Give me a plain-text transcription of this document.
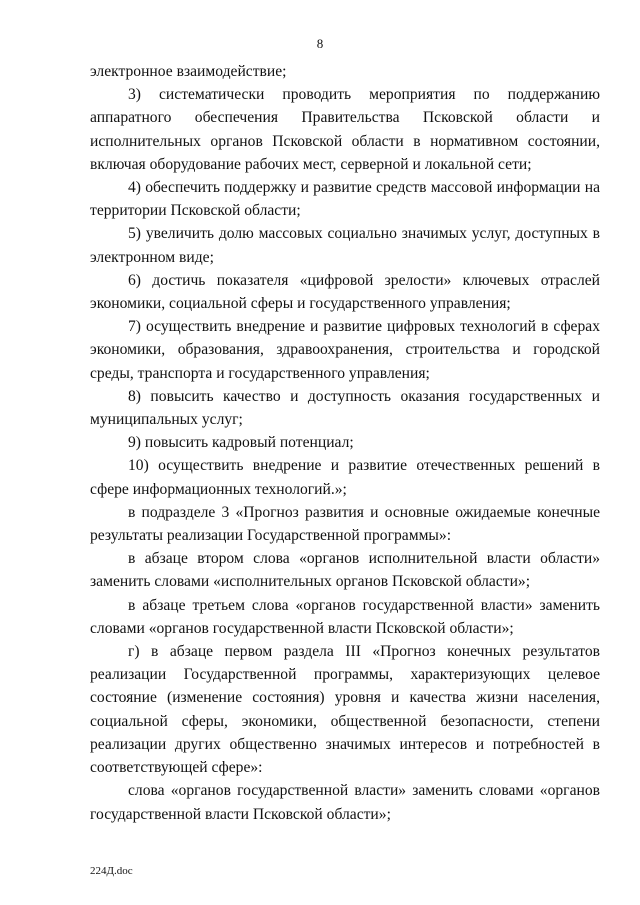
8

электронное взаимодействие;

3) систематически проводить мероприятия по поддержанию аппаратного обеспечения Правительства Псковской области и исполнительных органов Псковской области в нормативном состоянии, включая оборудование рабочих мест, серверной и локальной сети;

4) обеспечить поддержку и развитие средств массовой информации на территории Псковской области;

5) увеличить долю массовых социально значимых услуг, доступных в электронном виде;

6) достичь показателя «цифровой зрелости» ключевых отраслей экономики, социальной сферы и государственного управления;

7) осуществить внедрение и развитие цифровых технологий в сферах экономики, образования, здравоохранения, строительства и городской среды, транспорта и государственного управления;

8) повысить качество и доступность оказания государственных и муниципальных услуг;

9) повысить кадровый потенциал;

10) осуществить внедрение и развитие отечественных решений в сфере информационных технологий.»;

в подразделе 3 «Прогноз развития и основные ожидаемые конечные результаты реализации Государственной программы»:

в абзаце втором слова «органов исполнительной власти области» заменить словами «исполнительных органов Псковской области»;

в абзаце третьем слова «органов государственной власти» заменить словами «органов государственной власти Псковской области»;

г) в абзаце первом раздела III «Прогноз конечных результатов реализации Государственной программы, характеризующих целевое состояние (изменение состояния) уровня и качества жизни населения, социальной сферы, экономики, общественной безопасности, степени реализации других общественно значимых интересов и потребностей в соответствующей сфере»:

слова «органов государственной власти» заменить словами «органов государственной власти Псковской области»;

224Д.doc
